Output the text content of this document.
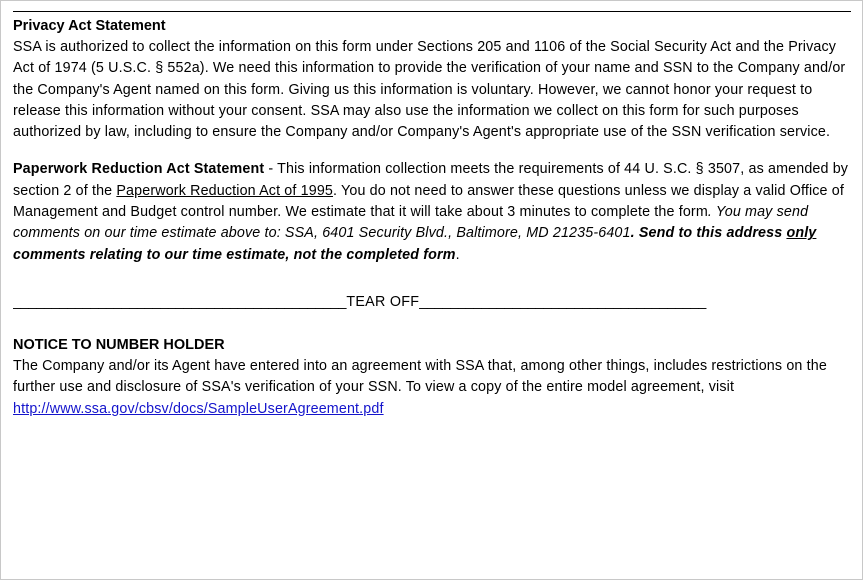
Privacy Act Statement

SSA is authorized to collect the information on this form under Sections 205 and 1106 of the Social Security Act and the Privacy Act of 1974 (5 U.S.C. § 552a). We need this information to provide the verification of your name and SSN to the Company and/or the Company's Agent named on this form. Giving us this information is voluntary. However, we cannot honor your request to release this information without your consent. SSA may also use the information we collect on this form for such purposes authorized by law, including to ensure the Company and/or Company's Agent's appropriate use of the SSN verification service.

Paperwork Reduction Act Statement - This information collection meets the requirements of 44 U. S.C. § 3507, as amended by section 2 of the Paperwork Reduction Act of 1995. You do not need to answer these questions unless we display a valid Office of Management and Budget control number. We estimate that it will take about 3 minutes to complete the form. You may send comments on our time estimate above to: SSA, 6401 Security Blvd., Baltimore, MD 21235-6401. Send to this address only comments relating to our time estimate, not the completed form.

___________________________________________TEAR OFF_____________________________________
NOTICE TO NUMBER HOLDER

The Company and/or its Agent have entered into an agreement with SSA that, among other things, includes restrictions on the further use and disclosure of SSA's verification of your SSN. To view a copy of the entire model agreement, visit http://www.ssa.gov/cbsv/docs/SampleUserAgreement.pdf
